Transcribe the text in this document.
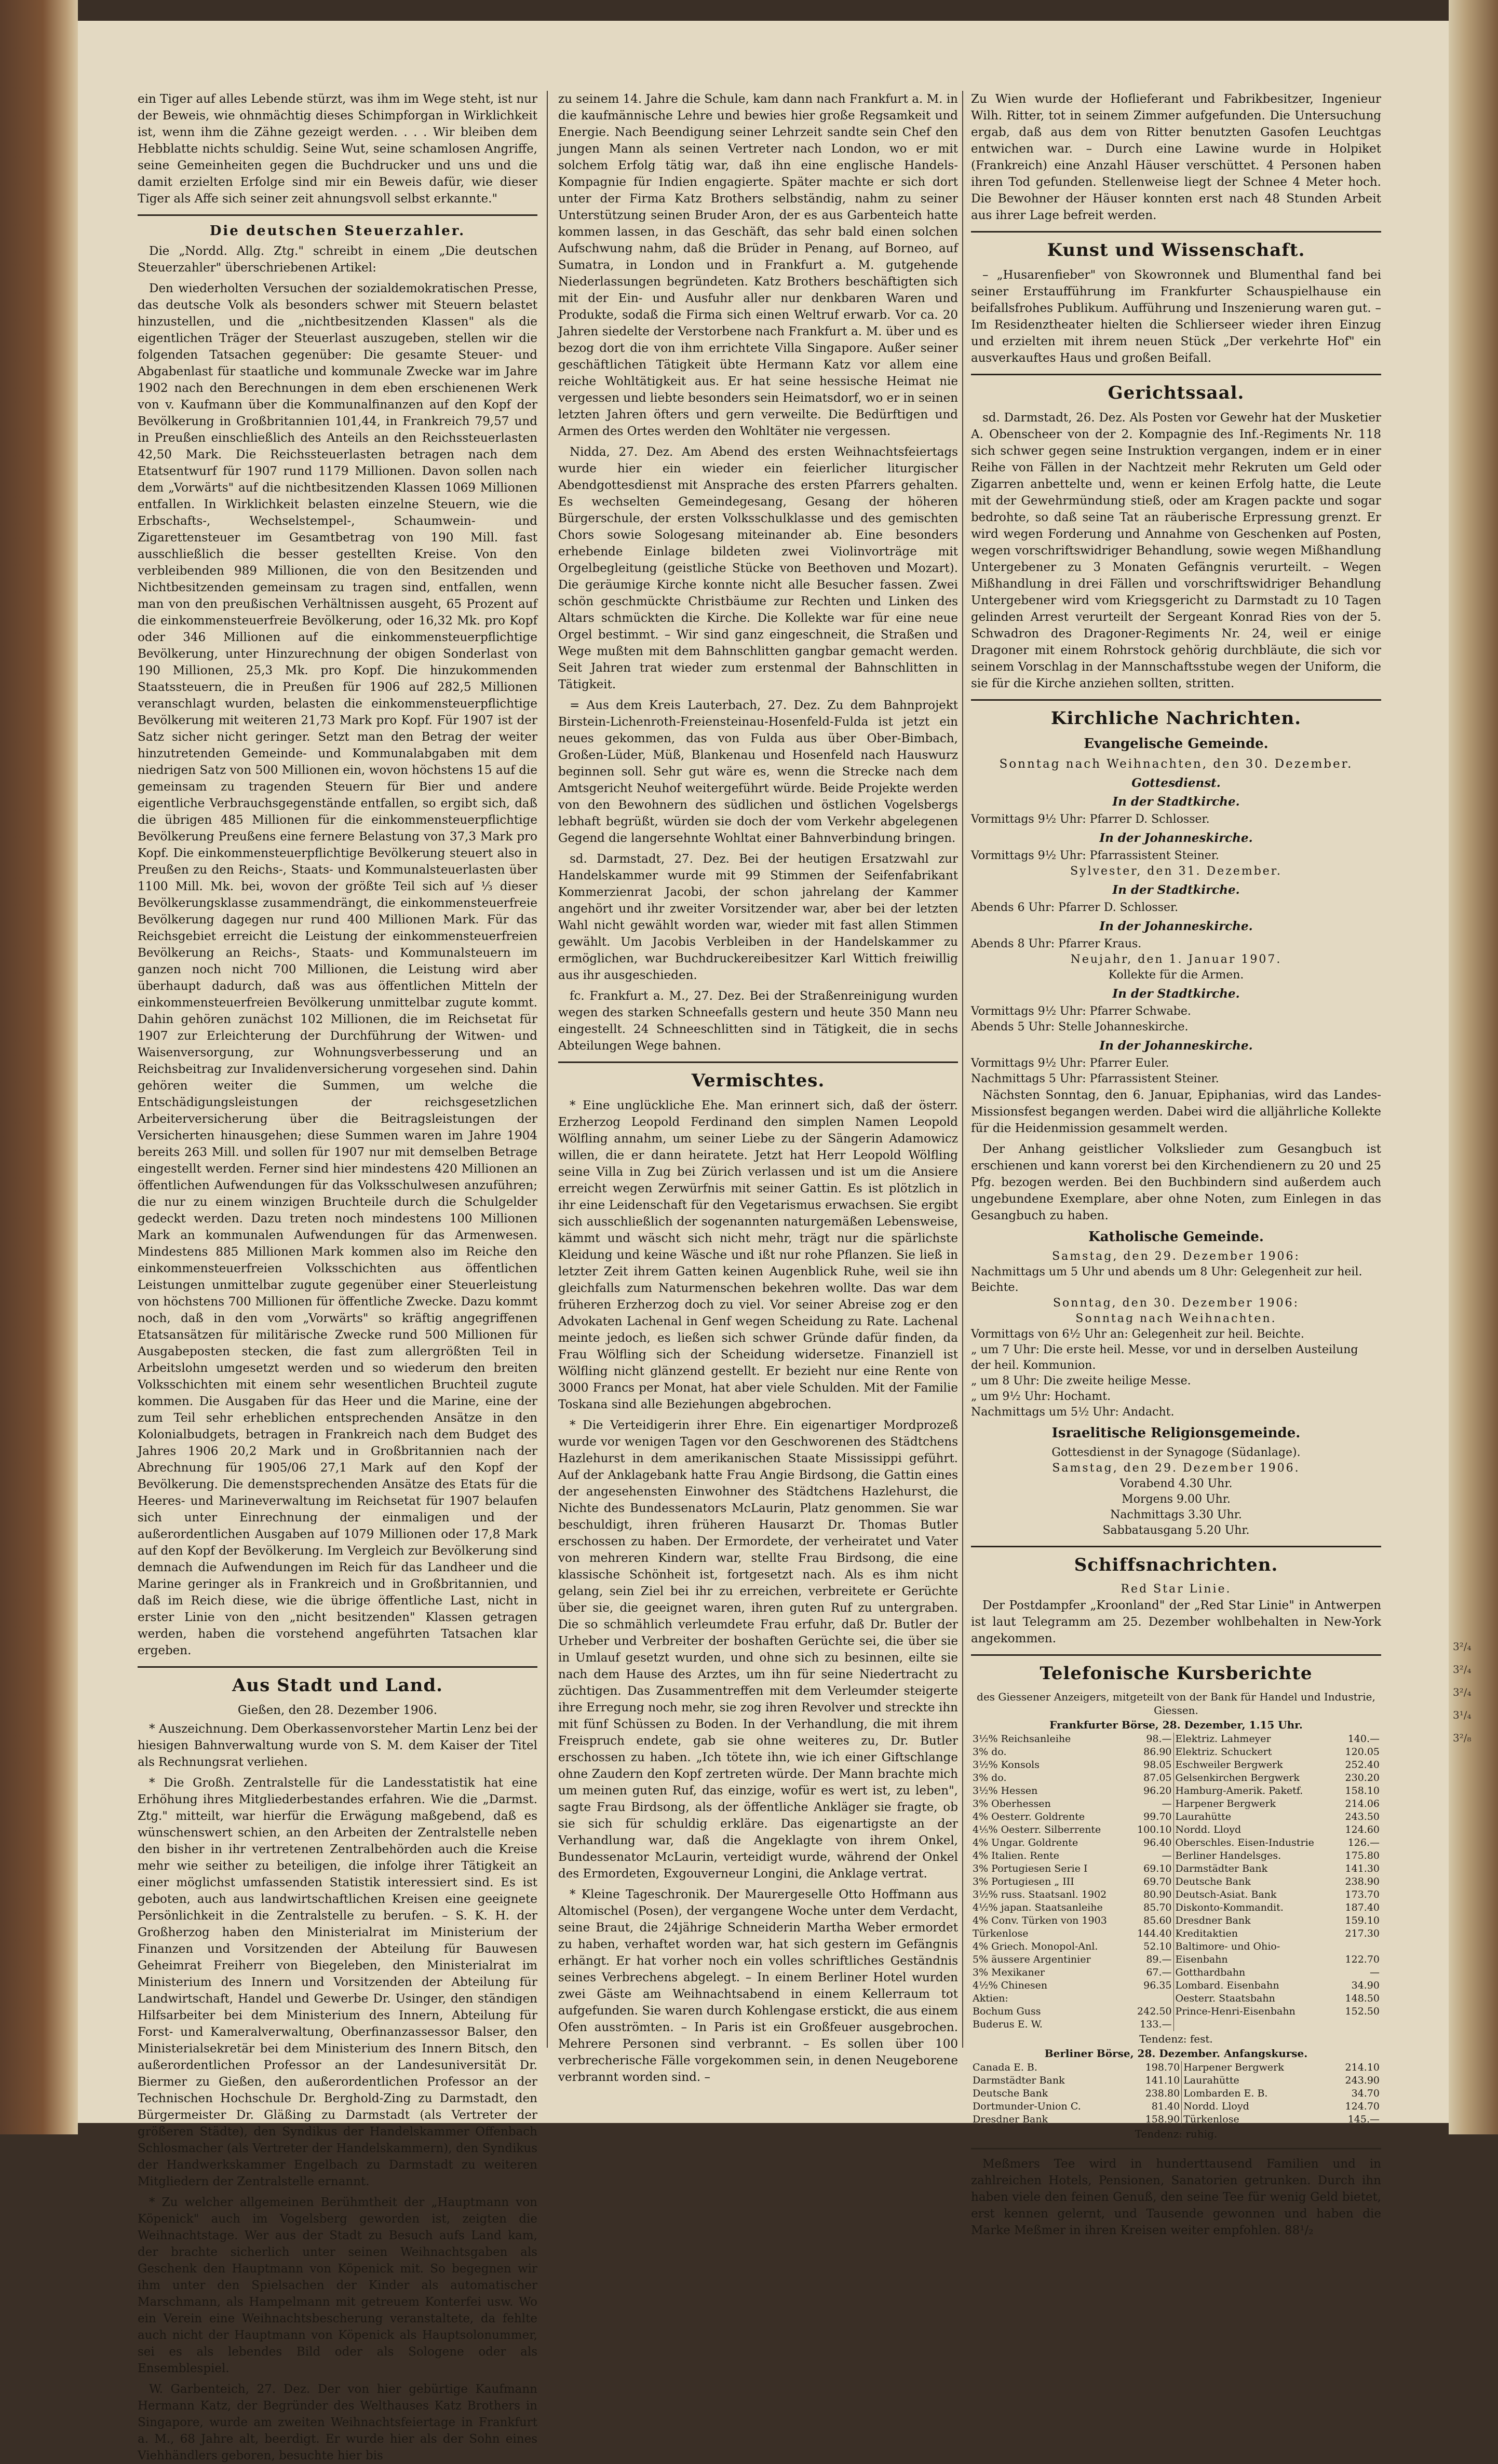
ein Tiger auf alles Lebende stürzt, was ihm im Wege steht, ist nur der Beweis, wie ohnmächtig dieses Schimpforgan in Wirklichkeit ist, wenn ihm die Zähne gezeigt werden. . . . Wir bleiben dem Hebblatte nichts schuldig. Seine Wut, seine schamlosen Angriffe, seine Gemeinheiten gegen die Buchdrucker und uns und die damit erzielten Erfolge sind mir ein Beweis dafür, wie dieser Tiger als Affe sich seiner zeit ahnungsvoll selbst erkannte."

Die deutschen Steuerzahler.

Die „Nordd. Allg. Ztg." schreibt in einem „Die deutschen Steuerzahler" überschriebenen Artikel:

Den wiederholten Versuchen der sozialdemokratischen Presse, das deutsche Volk als besonders schwer mit Steuern belastet hinzustellen, und die „nichtbesitzenden Klassen" als die eigentlichen Träger der Steuerlast auszugeben, stellen wir die folgenden Tatsachen gegenüber: Die gesamte Steuer- und Abgabenlast für staatliche und kommunale Zwecke war im Jahre 1902 nach den Berechnungen in dem eben erschienenen Werk von v. Kaufmann über die Kommunalfinanzen auf den Kopf der Bevölkerung in Großbritannien 101,44, in Frankreich 79,57 und in Preußen einschließlich des Anteils an den Reichssteuerlasten 42,50 Mark. Die Reichssteuerlasten betragen nach dem Etatsentwurf für 1907 rund 1179 Millionen. Davon sollen nach dem „Vorwärts" auf die nichtbesitzenden Klassen 1069 Millionen entfallen. In Wirklichkeit belasten einzelne Steuern, wie die Erbschafts-, Wechselstempel-, Schaumwein- und Zigarettensteuer im Gesamtbetrag von 190 Mill. fast ausschließlich die besser gestellten Kreise. Von den verbleibenden 989 Millionen, die von den Besitzenden und Nichtbesitzenden gemeinsam zu tragen sind, entfallen, wenn man von den preußischen Verhältnissen ausgeht, 65 Prozent auf die einkommensteuerfreie Bevölkerung, oder 16,32 Mk. pro Kopf oder 346 Millionen auf die einkommensteuerpflichtige Bevölkerung, unter Hinzurechnung der obigen Sonderlast von 190 Millionen, 25,3 Mk. pro Kopf. Die hinzukommenden Staatssteuern, die in Preußen für 1906 auf 282,5 Millionen veranschlagt wurden, belasten die einkommensteuerpflichtige Bevölkerung mit weiteren 21,73 Mark pro Kopf. Für 1907 ist der Satz sicher nicht geringer. Setzt man den Betrag der weiter hinzutretenden Gemeinde- und Kommunalabgaben mit dem niedrigen Satz von 500 Millionen ein, wovon höchstens 15 auf die gemeinsam zu tragenden Steuern für Bier und andere eigentliche Verbrauchsgegenstände entfallen, so ergibt sich, daß die übrigen 485 Millionen für die einkommensteuerpflichtige Bevölkerung Preußens eine fernere Belastung von 37,3 Mark pro Kopf. Die einkommensteuerpflichtige Bevölkerung steuert also in Preußen zu den Reichs-, Staats- und Kommunalsteuerlasten über 1100 Mill. Mk. bei, wovon der größte Teil sich auf ⅓ dieser Bevölkerungsklasse zusammendrängt, die einkommensteuerfreie Bevölkerung dagegen nur rund 400 Millionen Mark. Für das Reichsgebiet erreicht die Leistung der einkommensteuerfreien Bevölkerung an Reichs-, Staats- und Kommunalsteuern im ganzen noch nicht 700 Millionen, die Leistung wird aber überhaupt dadurch, daß was aus öffentlichen Mitteln der einkommensteuerfreien Bevölkerung unmittelbar zugute kommt. Dahin gehören zunächst 102 Millionen, die im Reichsetat für 1907 zur Erleichterung der Durchführung der Witwen- und Waisenversorgung, zur Wohnungsverbesserung und an Reichsbeitrag zur Invalidenversicherung vorgesehen sind. Dahin gehören weiter die Summen, um welche die Entschädigungsleistungen der reichsgesetzlichen Arbeiterversicherung über die Beitragsleistungen der Versicherten hinausgehen; diese Summen waren im Jahre 1904 bereits 263 Mill. und sollen für 1907 nur mit demselben Betrage eingestellt werden. Ferner sind hier mindestens 420 Millionen an öffentlichen Aufwendungen für das Volksschulwesen anzuführen; die nur zu einem winzigen Bruchteile durch die Schulgelder gedeckt werden. Dazu treten noch mindestens 100 Millionen Mark an kommunalen Aufwendungen für das Armenwesen. Mindestens 885 Millionen Mark kommen also im Reiche den einkommensteuerfreien Volksschichten aus öffentlichen Leistungen unmittelbar zugute gegenüber einer Steuerleistung von höchstens 700 Millionen für öffentliche Zwecke. Dazu kommt noch, daß in den vom „Vorwärts" so kräftig angegriffenen Etatsansätzen für militärische Zwecke rund 500 Millionen für Ausgabeposten stecken, die fast zum allergrößten Teil in Arbeitslohn umgesetzt werden und so wiederum den breiten Volksschichten mit einem sehr wesentlichen Bruchteil zugute kommen. Die Ausgaben für das Heer und die Marine, eine der zum Teil sehr erheblichen entsprechenden Ansätze in den Kolonialbudgets, betragen in Frankreich nach dem Budget des Jahres 1906 20,2 Mark und in Großbritannien nach der Abrechnung für 1905/06 27,1 Mark auf den Kopf der Bevölkerung. Die demenstsprechenden Ansätze des Etats für die Heeres- und Marineverwaltung im Reichsetat für 1907 belaufen sich unter Einrechnung der einmaligen und der außerordentlichen Ausgaben auf 1079 Millionen oder 17,8 Mark auf den Kopf der Bevölkerung. Im Vergleich zur Bevölkerung sind demnach die Aufwendungen im Reich für das Landheer und die Marine geringer als in Frankreich und in Großbritannien, und daß im Reich diese, wie die übrige öffentliche Last, nicht in erster Linie von den „nicht besitzenden" Klassen getragen werden, haben die vorstehend angeführten Tatsachen klar ergeben.

Aus Stadt und Land.
Gießen, den 28. Dezember 1906.

* Auszeichnung. Dem Oberkassenvorsteher Martin Lenz bei der hiesigen Bahnverwaltung wurde von S. M. dem Kaiser der Titel als Rechnungsrat verliehen.

* Die Großh. Zentralstelle für die Landesstatistik hat eine Erhöhung ihres Mitgliederbestandes erfahren. Wie die „Darmst. Ztg." mitteilt, war hierfür die Erwägung maßgebend, daß es wünschenswert schien, an den Arbeiten der Zentralstelle neben den bisher in ihr vertretenen Zentralbehörden auch die Kreise mehr wie seither zu beteiligen, die infolge ihrer Tätigkeit an einer möglichst umfassenden Statistik interessiert sind. Es ist geboten, auch aus landwirtschaftlichen Kreisen eine geeignete Persönlichkeit in die Zentralstelle zu berufen. – S. K. H. der Großherzog haben den Ministerialrat im Ministerium der Finanzen und Vorsitzenden der Abteilung für Bauwesen Geheimrat Freiherr von Biegeleben, den Ministerialrat im Ministerium des Innern und Vorsitzenden der Abteilung für Landwirtschaft, Handel und Gewerbe Dr. Usinger, den ständigen Hilfsarbeiter bei dem Ministerium des Innern, Abteilung für Forst- und Kameralverwaltung, Oberfinanzassessor Balser, den Ministerialsekretär bei dem Ministerium des Innern Bitsch, den außerordentlichen Professor an der Landesuniversität Dr. Biermer zu Gießen, den außerordentlichen Professor an der Technischen Hochschule Dr. Berghold-Zing zu Darmstadt, den Bürgermeister Dr. Gläßing zu Darmstadt (als Vertreter der größeren Städte), den Syndikus der Handelskammer Offenbach Schlosmacher (als Vertreter der Handelskammern), den Syndikus der Handwerkskammer Engelbach zu Darmstadt zu weiteren Mitgliedern der Zentralstelle ernannt.

* Zu welcher allgemeinen Berühmtheit der „Hauptmann von Köpenick" auch im Vogelsberg geworden ist, zeigten die Weihnachtstage. Wer aus der Stadt zu Besuch aufs Land kam, der brachte sicherlich unter seinen Weihnachtsgaben als Geschenk den Hauptmann von Köpenick mit. So begegnen wir ihm unter den Spielsachen der Kinder als automatischer Marschmann, als Hampelmann mit getreuem Konterfei usw. Wo ein Verein eine Weihnachtsbescherung veranstaltete, da fehlte auch nicht der Hauptmann von Köpenick als Hauptsolonummer, sei es als lebendes Bild oder als Sologene oder als Ensemblespiel.

W. Garbenteich, 27. Dez. Der von hier gebürtige Kaufmann Hermann Katz, der Begründer des Welthauses Katz Brothers in Singapore, wurde am zweiten Weihnachtsfeiertage in Frankfurt a. M., 68 Jahre alt, beerdigt. Er wurde hier als der Sohn eines Viehhändlers geboren, besuchte hier bis

zu seinem 14. Jahre die Schule, kam dann nach Frankfurt a. M. in die kaufmännische Lehre und bewies hier große Regsamkeit und Energie. Nach Beendigung seiner Lehrzeit sandte sein Chef den jungen Mann als seinen Vertreter nach London, wo er mit solchem Erfolg tätig war, daß ihn eine englische Handels-Kompagnie für Indien engagierte. Später machte er sich dort unter der Firma Katz Brothers selbständig, nahm zu seiner Unterstützung seinen Bruder Aron, der es aus Garbenteich hatte kommen lassen, in das Geschäft, das sehr bald einen solchen Aufschwung nahm, daß die Brüder in Penang, auf Borneo, auf Sumatra, in London und in Frankfurt a. M. gutgehende Niederlassungen begründeten. Katz Brothers beschäftigten sich mit der Ein- und Ausfuhr aller nur denkbaren Waren und Produkte, sodaß die Firma sich einen Weltruf erwarb. Vor ca. 20 Jahren siedelte der Verstorbene nach Frankfurt a. M. über und es bezog dort die von ihm errichtete Villa Singapore. Außer seiner geschäftlichen Tätigkeit übte Hermann Katz vor allem eine reiche Wohltätigkeit aus. Er hat seine hessische Heimat nie vergessen und liebte besonders sein Heimatsdorf, wo er in seinen letzten Jahren öfters und gern verweilte. Die Bedürftigen und Armen des Ortes werden den Wohltäter nie vergessen.

Nidda, 27. Dez. Am Abend des ersten Weihnachtsfeiertags wurde hier ein wieder ein feierlicher liturgischer Abendgottesdienst mit Ansprache des ersten Pfarrers gehalten. Es wechselten Gemeindegesang, Gesang der höheren Bürgerschule, der ersten Volksschulklasse und des gemischten Chors sowie Sologesang miteinander ab. Eine besonders erhebende Einlage bildeten zwei Violinvorträge mit Orgelbegleitung (geistliche Stücke von Beethoven und Mozart). Die geräumige Kirche konnte nicht alle Besucher fassen. Zwei schön geschmückte Christbäume zur Rechten und Linken des Altars schmückten die Kirche. Die Kollekte war für eine neue Orgel bestimmt. – Wir sind ganz eingeschneit, die Straßen und Wege mußten mit dem Bahnschlitten gangbar gemacht werden. Seit Jahren trat wieder zum erstenmal der Bahnschlitten in Tätigkeit.

= Aus dem Kreis Lauterbach, 27. Dez. Zu dem Bahnprojekt Birstein-Lichenroth-Freiensteinau-Hosenfeld-Fulda ist jetzt ein neues gekommen, das von Fulda aus über Ober-Bimbach, Großen-Lüder, Müß, Blankenau und Hosenfeld nach Hauswurz beginnen soll. Sehr gut wäre es, wenn die Strecke nach dem Amtsgericht Neuhof weitergeführt würde. Beide Projekte werden von den Bewohnern des südlichen und östlichen Vogelsbergs lebhaft begrüßt, würden sie doch der vom Verkehr abgelegenen Gegend die langersehnte Wohltat einer Bahnverbindung bringen.

sd. Darmstadt, 27. Dez. Bei der heutigen Ersatzwahl zur Handelskammer wurde mit 99 Stimmen der Seifenfabrikant Kommerzienrat Jacobi, der schon jahrelang der Kammer angehört und ihr zweiter Vorsitzender war, aber bei der letzten Wahl nicht gewählt worden war, wieder mit fast allen Stimmen gewählt. Um Jacobis Verbleiben in der Handelskammer zu ermöglichen, war Buchdruckereibesitzer Karl Wittich freiwillig aus ihr ausgeschieden.

fc. Frankfurt a. M., 27. Dez. Bei der Straßenreinigung wurden wegen des starken Schneefalls gestern und heute 350 Mann neu eingestellt. 24 Schneeschlitten sind in Tätigkeit, die in sechs Abteilungen Wege bahnen.

Vermischtes.

* Eine unglückliche Ehe. Man erinnert sich, daß der österr. Erzherzog Leopold Ferdinand den simplen Namen Leopold Wölfling annahm, um seiner Liebe zu der Sängerin Adamowicz willen, die er dann heiratete. Jetzt hat Herr Leopold Wölfling seine Villa in Zug bei Zürich verlassen und ist um die Ansiere erreicht wegen Zerwürfnis mit seiner Gattin. Es ist plötzlich in ihr eine Leidenschaft für den Vegetarismus erwachsen. Sie ergibt sich ausschließlich der sogenannten naturgemäßen Lebensweise, kämmt und wäscht sich nicht mehr, trägt nur die spärlichste Kleidung und keine Wäsche und ißt nur rohe Pflanzen. Sie ließ in letzter Zeit ihrem Gatten keinen Augenblick Ruhe, weil sie ihn gleichfalls zum Naturmenschen bekehren wollte. Das war dem früheren Erzherzog doch zu viel. Vor seiner Abreise zog er den Advokaten Lachenal in Genf wegen Scheidung zu Rate. Lachenal meinte jedoch, es ließen sich schwer Gründe dafür finden, da Frau Wölfling sich der Scheidung widersetze. Finanziell ist Wölfling nicht glänzend gestellt. Er bezieht nur eine Rente von 3000 Francs per Monat, hat aber viele Schulden. Mit der Familie Toskana sind alle Beziehungen abgebrochen.

* Die Verteidigerin ihrer Ehre. Ein eigenartiger Mordprozeß wurde vor wenigen Tagen vor den Geschworenen des Städtchens Hazlehurst in dem amerikanischen Staate Mississippi geführt. Auf der Anklagebank hatte Frau Angie Birdsong, die Gattin eines der angesehensten Einwohner des Städtchens Hazlehurst, die Nichte des Bundessenators McLaurin, Platz genommen. Sie war beschuldigt, ihren früheren Hausarzt Dr. Thomas Butler erschossen zu haben. Der Ermordete, der verheiratet und Vater von mehreren Kindern war, stellte Frau Birdsong, die eine klassische Schönheit ist, fortgesetzt nach. Als es ihm nicht gelang, sein Ziel bei ihr zu erreichen, verbreitete er Gerüchte über sie, die geeignet waren, ihren guten Ruf zu untergraben. Die so schmählich verleumdete Frau erfuhr, daß Dr. Butler der Urheber und Verbreiter der boshaften Gerüchte sei, die über sie in Umlauf gesetzt wurden, und ohne sich zu besinnen, eilte sie nach dem Hause des Arztes, um ihn für seine Niedertracht zu züchtigen. Das Zusammentreffen mit dem Verleumder steigerte ihre Erregung noch mehr, sie zog ihren Revolver und streckte ihn mit fünf Schüssen zu Boden. In der Verhandlung, die mit ihrem Freispruch endete, gab sie ohne weiteres zu, Dr. Butler erschossen zu haben. „Ich tötete ihn, wie ich einer Giftschlange ohne Zaudern den Kopf zertreten würde. Der Mann brachte mich um meinen guten Ruf, das einzige, wofür es wert ist, zu leben", sagte Frau Birdsong, als der öffentliche Ankläger sie fragte, ob sie sich für schuldig erkläre. Das eigenartigste an der Verhandlung war, daß die Angeklagte von ihrem Onkel, Bundessenator McLaurin, verteidigt wurde, während der Onkel des Ermordeten, Exgouverneur Longini, die Anklage vertrat.

* Kleine Tageschronik. Der Maurergeselle Otto Hoffmann aus Altomischel (Posen), der vergangene Woche unter dem Verdacht, seine Braut, die 24jährige Schneiderin Martha Weber ermordet zu haben, verhaftet worden war, hat sich gestern im Gefängnis erhängt. Er hat vorher noch ein volles schriftliches Geständnis seines Verbrechens abgelegt. – In einem Berliner Hotel wurden zwei Gäste am Weihnachtsabend in einem Kellerraum tot aufgefunden. Sie waren durch Kohlengase erstickt, die aus einem Ofen ausströmten. – In Paris ist ein Großfeuer ausgebrochen. Mehrere Personen sind verbrannt. – Es sollen über 100 verbrecherische Fälle vorgekommen sein, in denen Neugeborene verbrannt worden sind. –

Zu Wien wurde der Hoflieferant und Fabrikbesitzer, Ingenieur Wilh. Ritter, tot in seinem Zimmer aufgefunden. Die Untersuchung ergab, daß aus dem von Ritter benutzten Gasofen Leuchtgas entwichen war. – Durch eine Lawine wurde in Holpiket (Frankreich) eine Anzahl Häuser verschüttet. 4 Personen haben ihren Tod gefunden. Stellenweise liegt der Schnee 4 Meter hoch. Die Bewohner der Häuser konnten erst nach 48 Stunden Arbeit aus ihrer Lage befreit werden.

Kunst und Wissenschaft.

– „Husarenfieber" von Skowronnek und Blumenthal fand bei seiner Erstaufführung im Frankfurter Schauspielhause ein beifallsfrohes Publikum. Aufführung und Inszenierung waren gut. – Im Residenztheater hielten die Schlierseer wieder ihren Einzug und erzielten mit ihrem neuen Stück „Der verkehrte Hof" ein ausverkauftes Haus und großen Beifall.

Gerichtssaal.

sd. Darmstadt, 26. Dez. Als Posten vor Gewehr hat der Musketier A. Obenscheer von der 2. Kompagnie des Inf.-Regiments Nr. 118 sich schwer gegen seine Instruktion vergangen, indem er in einer Reihe von Fällen in der Nachtzeit mehr Rekruten um Geld oder Zigarren anbettelte und, wenn er keinen Erfolg hatte, die Leute mit der Gewehrmündung stieß, oder am Kragen packte und sogar bedrohte, so daß seine Tat an räuberische Erpressung grenzt. Er wird wegen Forderung und Annahme von Geschenken auf Posten, wegen vorschriftswidriger Behandlung, sowie wegen Mißhandlung Untergebener zu 3 Monaten Gefängnis verurteilt. – Wegen Mißhandlung in drei Fällen und vorschriftswidriger Behandlung Untergebener wird vom Kriegsgericht zu Darmstadt zu 10 Tagen gelinden Arrest verurteilt der Sergeant Konrad Ries von der 5. Schwadron des Dragoner-Regiments Nr. 24, weil er einige Dragoner mit einem Rohrstock gehörig durchbläute, die sich vor seinem Vorschlag in der Mannschaftsstube wegen der Uniform, die sie für die Kirche anziehen sollten, stritten.

Kirchliche Nachrichten.
Evangelische Gemeinde.
Sonntag nach Weihnachten, den 30. Dezember.
Gottesdienst.
In der Stadtkirche.
Vormittags 9½ Uhr: Pfarrer D. Schlosser.
In der Johanneskirche.
Vormittags 9½ Uhr: Pfarrassistent Steiner.
Sylvester, den 31. Dezember.
In der Stadtkirche.
Abends 6 Uhr: Pfarrer D. Schlosser.
In der Johanneskirche.
Abends 8 Uhr: Pfarrer Kraus.
Neujahr, den 1. Januar 1907.
Kollekte für die Armen.
In der Stadtkirche.
Vormittags 9½ Uhr: Pfarrer Schwabe.
Abends 5 Uhr: Stelle Johanneskirche.
In der Johanneskirche.
Vormittags 9½ Uhr: Pfarrer Euler.
Nachmittags 5 Uhr: Pfarrassistent Steiner.

Nächsten Sonntag, den 6. Januar, Epiphanias, wird das Landes-Missionsfest begangen werden. Dabei wird die alljährliche Kollekte für die Heidenmission gesammelt werden.

Der Anhang geistlicher Volkslieder zum Gesangbuch ist erschienen und kann vorerst bei den Kirchendienern zu 20 und 25 Pfg. bezogen werden. Bei den Buchbindern sind außerdem auch ungebundene Exemplare, aber ohne Noten, zum Einlegen in das Gesangbuch zu haben.

Katholische Gemeinde.
Samstag, den 29. Dezember 1906:
Nachmittags um 5 Uhr und abends um 8 Uhr: Gelegenheit zur heil. Beichte.
Sonntag, den 30. Dezember 1906:
Sonntag nach Weihnachten.
Vormittags von 6½ Uhr an: Gelegenheit zur heil. Beichte.
„ um 7 Uhr: Die erste heil. Messe, vor und in derselben Austeilung der heil. Kommunion.
„ um 8 Uhr: Die zweite heilige Messe.
„ um 9½ Uhr: Hochamt.
Nachmittags um 5½ Uhr: Andacht.
Israelitische Religionsgemeinde.
Gottesdienst in der Synagoge (Südanlage).
Samstag, den 29. Dezember 1906.
Vorabend 4.30 Uhr.
Morgens 9.00 Uhr.
Nachmittags 3.30 Uhr.
Sabbatausgang 5.20 Uhr.
Schiffsnachrichten.
Red Star Linie.

Der Postdampfer „Kroonland" der „Red Star Linie" in Antwerpen ist laut Telegramm am 25. Dezember wohlbehalten in New-York angekommen.

Telefonische Kursberichte
des Giessener Anzeigers, mitgeteilt von der Bank für Handel und Industrie, Giessen.
Frankfurter Börse, 28. Dezember, 1.15 Uhr.
3½% Reichsanleihe	98.—	Elektriz. Lahmeyer	140.—
3% do.	86.90	Elektriz. Schuckert	120.05
3½% Konsols	98.05	Eschweiler Bergwerk	252.40
3% do.	87.05	Gelsenkirchen Bergwerk	230.20
3½% Hessen	96.20	Hamburg-Amerik. Paketf.	158.10
3% Oberhessen	—	Harpener Bergwerk	214.06
4% Oesterr. Goldrente	99.70	Laurahütte	243.50
4⅕% Oesterr. Silberrente	100.10	Nordd. Lloyd	124.60
4% Ungar. Goldrente	96.40	Oberschles. Eisen-Industrie	126.—
4% Italien. Rente	—	Berliner Handelsges.	175.80
3% Portugiesen Serie I	69.10	Darmstädter Bank	141.30
3% Portugiesen „ III	69.70	Deutsche Bank	238.90
3½% russ. Staatsanl. 1902	80.90	Deutsch-Asiat. Bank	173.70
4½% japan. Staatsanleihe	85.70	Diskonto-Kommandit.	187.40
4% Conv. Türken von 1903	85.60	Dresdner Bank	159.10
Türkenlose	144.40	Kreditaktien	217.30
4% Griech. Monopol-Anl.	52.10	Baltimore- und Ohio-	
5% äussere Argentinier	89.—	Eisenbahn	122.70
3% Mexikaner	67.—	Gotthardbahn	—
4½% Chinesen	96.35	Lombard. Eisenbahn	34.90
Aktien:		Oesterr. Staatsbahn	148.50
Bochum Guss	242.50	Prince-Henri-Eisenbahn	152.50
Buderus E. W.	133.—		
Tendenz: fest.
Berliner Börse, 28. Dezember. Anfangskurse.
Canada E. B.	198.70	Harpener Bergwerk	214.10
Darmstädter Bank	141.10	Laurahütte	243.90
Deutsche Bank	238.80	Lombarden E. B.	34.70
Dortmunder-Union C.	81.40	Nordd. Lloyd	124.70
Dresdner Bank	158.90	Türkenlose	145.—
Tendenz: ruhig.

Meßmers Tee wird in hunderttausend Familien und in zahlreichen Hotels, Pensionen, Sanatorien getrunken. Durch ihn haben viele den feinen Genuß, den seine Tee für wenig Geld bietet, erst kennen gelernt, und Tausende gewonnen und haben die Marke Meßmer in ihren Kreisen weiter empfohlen. 88¹/₂

3²/₄
3²/₄
3²/₄
3¹/₄
3²/₈
